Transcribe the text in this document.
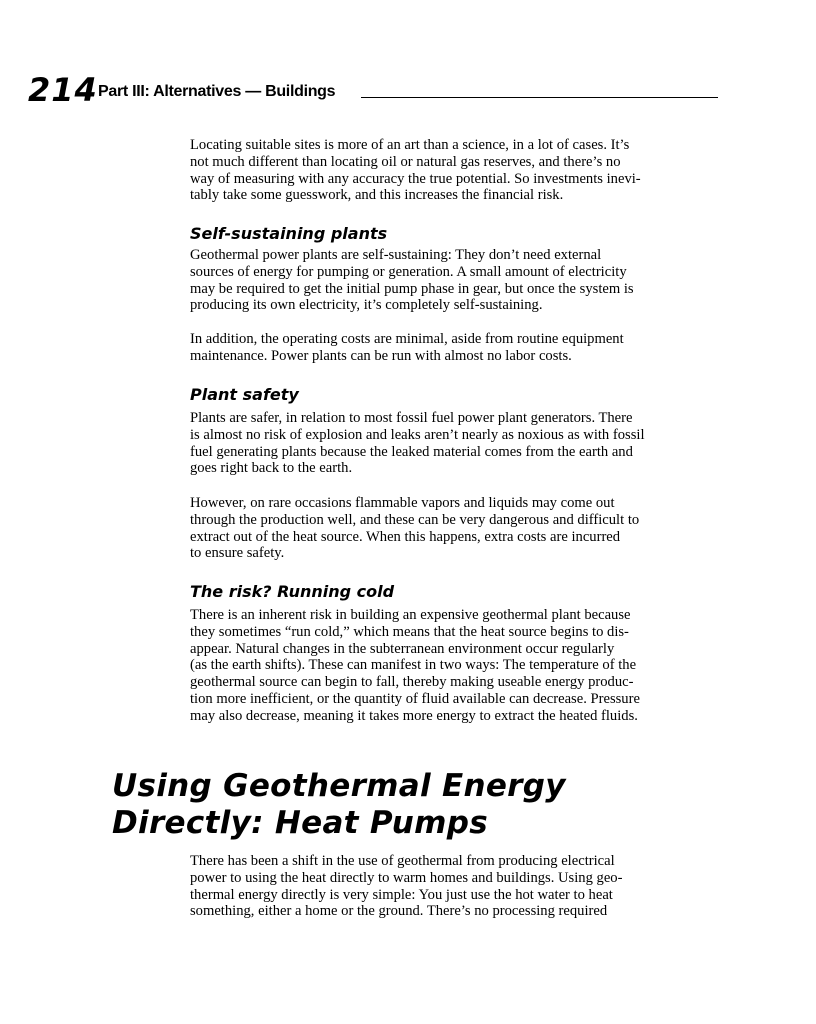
214 Part III: Alternatives — Buildings

Locating suitable sites is more of an art than a science, in a lot of cases. It’s
not much different than locating oil or natural gas reserves, and there’s no
way of measuring with any accuracy the true potential. So investments inevi-
tably take some guesswork, and this increases the financial risk.

Self-sustaining plants

Geothermal power plants are self-sustaining: They don’t need external
sources of energy for pumping or generation. A small amount of electricity
may be required to get the initial pump phase in gear, but once the system is
producing its own electricity, it’s completely self-sustaining.

In addition, the operating costs are minimal, aside from routine equipment
maintenance. Power plants can be run with almost no labor costs.

Plant safety

Plants are safer, in relation to most fossil fuel power plant generators. There
is almost no risk of explosion and leaks aren’t nearly as noxious as with fossil
fuel generating plants because the leaked material comes from the earth and
goes right back to the earth.

However, on rare occasions flammable vapors and liquids may come out
through the production well, and these can be very dangerous and difficult to
extract out of the heat source. When this happens, extra costs are incurred
to ensure safety.

The risk? Running cold

There is an inherent risk in building an expensive geothermal plant because
they sometimes “run cold,” which means that the heat source begins to dis-
appear. Natural changes in the subterranean environment occur regularly
(as the earth shifts). These can manifest in two ways: The temperature of the
geothermal source can begin to fall, thereby making useable energy produc-
tion more inefficient, or the quantity of fluid available can decrease. Pressure
may also decrease, meaning it takes more energy to extract the heated fluids.

Using Geothermal Energy
Directly: Heat Pumps

There has been a shift in the use of geothermal from producing electrical
power to using the heat directly to warm homes and buildings. Using geo-
thermal energy directly is very simple: You just use the hot water to heat
something, either a home or the ground. There’s no processing required
